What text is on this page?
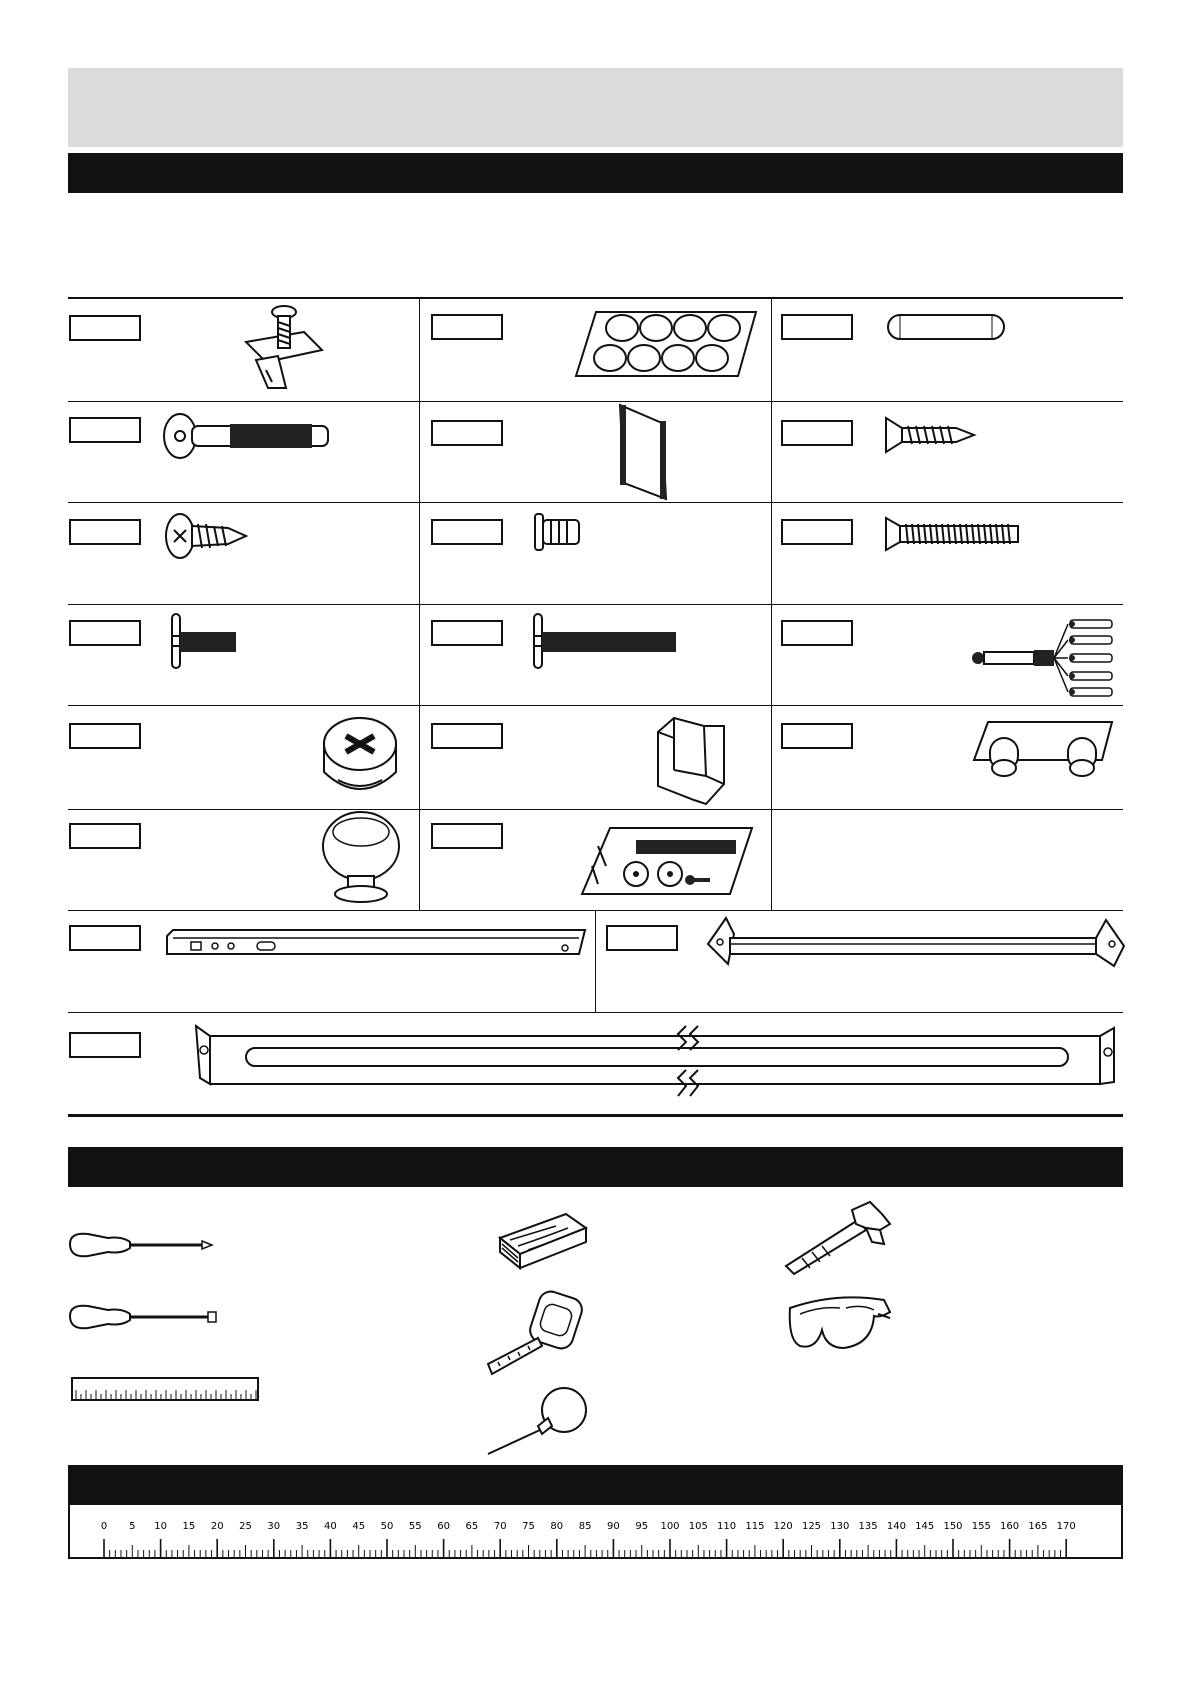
0 5 10 15 20 25 30 35 40 45 50 55 60 65 70 75 80 85 90 95 100 105 110 115 120 125 130 135 140 145 150 155 160 165 170
